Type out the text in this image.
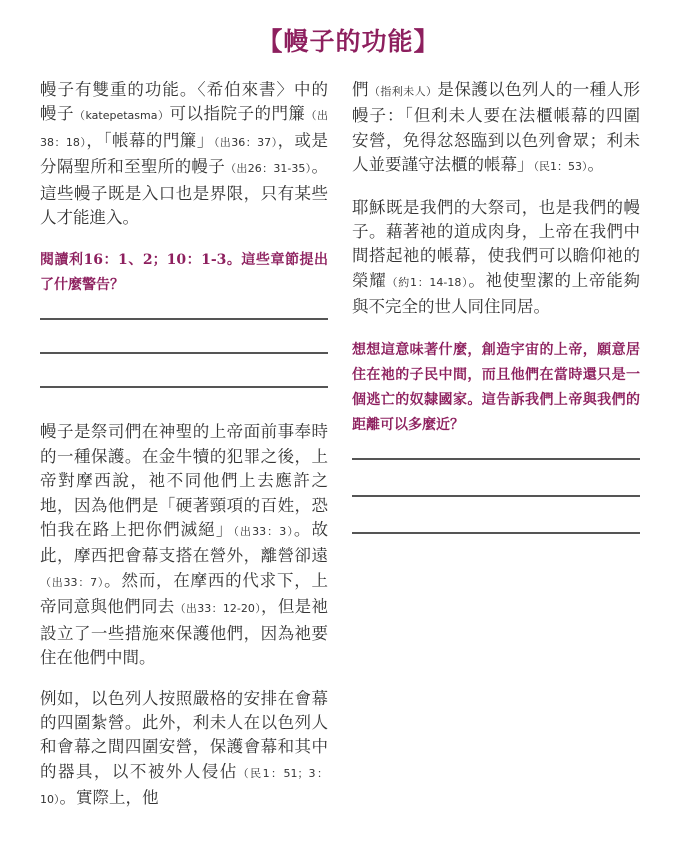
【幔子的功能】

幔子有雙重的功能。〈希伯來書〉中的幔子（katepetasma）可以指院子的門簾（出38：18），「帳幕的門簾」（出36：37），或是分隔聖所和至聖所的幔子（出26：31-35）。這些幔子既是入口也是界限，只有某些人才能進入。

閱讀利16：1、2；10：1-3。這些章節提出了什麼警告？

幔子是祭司們在神聖的上帝面前事奉時的一種保護。在金牛犢的犯罪之後，上帝對摩西說，祂不同他們上去應許之地，因為他們是「硬著頸項的百姓，恐怕我在路上把你們滅絕」（出33：3）。故此，摩西把會幕支搭在營外，離營卻遠（出33：7）。然而，在摩西的代求下，上帝同意與他們同去（出33：12-20），但是祂設立了一些措施來保護他們，因為祂要住在他們中間。

例如，以色列人按照嚴格的安排在會幕的四圍紮營。此外，利未人在以色列人和會幕之間四圍安營，保護會幕和其中的器具，以不被外人侵佔（民1：51；3：10）。實際上，他

們（指利未人）是保護以色列人的一種人形幔子：「但利未人要在法櫃帳幕的四圍安營，免得忿怒臨到以色列會眾；利未人並要謹守法櫃的帳幕」（民1：53）。

耶穌既是我們的大祭司，也是我們的幔子。藉著祂的道成肉身，上帝在我們中間搭起祂的帳幕，使我們可以瞻仰祂的榮耀（約1：14-18）。祂使聖潔的上帝能夠與不完全的世人同住同居。

想想這意味著什麼，創造宇宙的上帝，願意居住在祂的子民中間，而且他們在當時還只是一個逃亡的奴隸國家。這告訴我們上帝與我們的距離可以多麼近？
